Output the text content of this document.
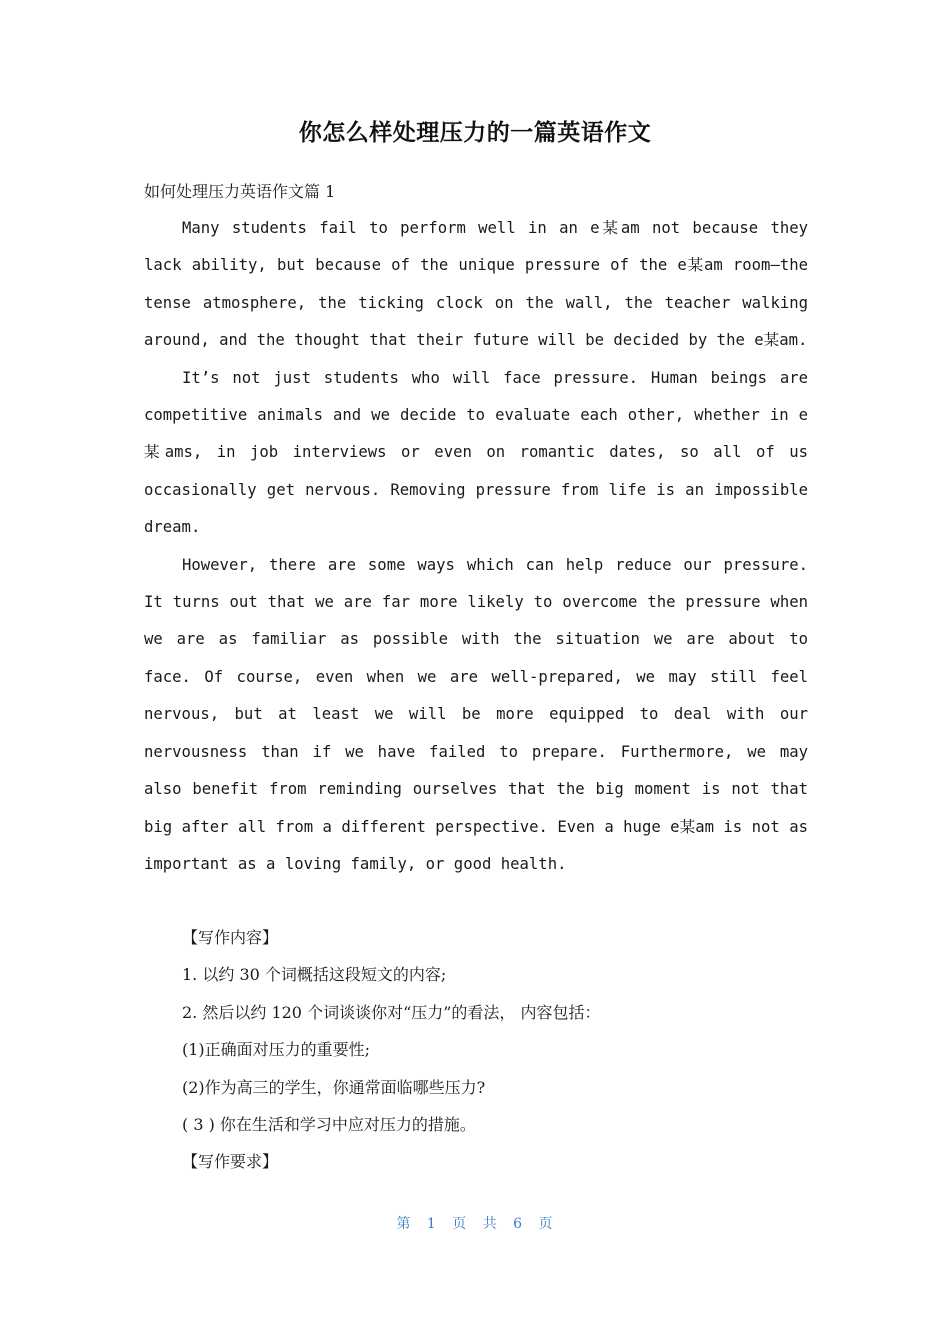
你怎么样处理压力的一篇英语作文
如何处理压力英语作文篇 1

Many students fail to perform well in an e某am not because they lack ability, but because of the unique pressure of the e某am room—the tense atmosphere, the ticking clock on the wall, the teacher walking around, and the thought that their future will be decided by the e某am.

It’s not just students who will face pressure. Human beings are competitive animals and we decide to evaluate each other, whether in e某ams, in job interviews or even on romantic dates, so all of us occasionally get nervous. Removing pressure from life is an impossible dream.

However, there are some ways which can help reduce our pressure. It turns out that we are far more likely to overcome the pressure when we are as familiar as possible with the situation we are about to face. Of course, even when we are well-prepared, we may still feel nervous, but at least we will be more equipped to deal with our nervousness than if we have failed to prepare. Furthermore, we may also benefit from reminding ourselves that the big moment is not that big after all from a different perspective. Even a huge e某am is not as important as a loving family, or good health.

【写作内容】
1. 以约 30 个词概括这段短文的内容;
2. 然后以约 120 个词谈谈你对“压力”的看法， 内容包括：
(1)正确面对压力的重要性;
(2)作为高三的学生，你通常面临哪些压力?
( 3 ) 你在生活和学习中应对压力的措施。
【写作要求】
第 1 页 共 6 页
